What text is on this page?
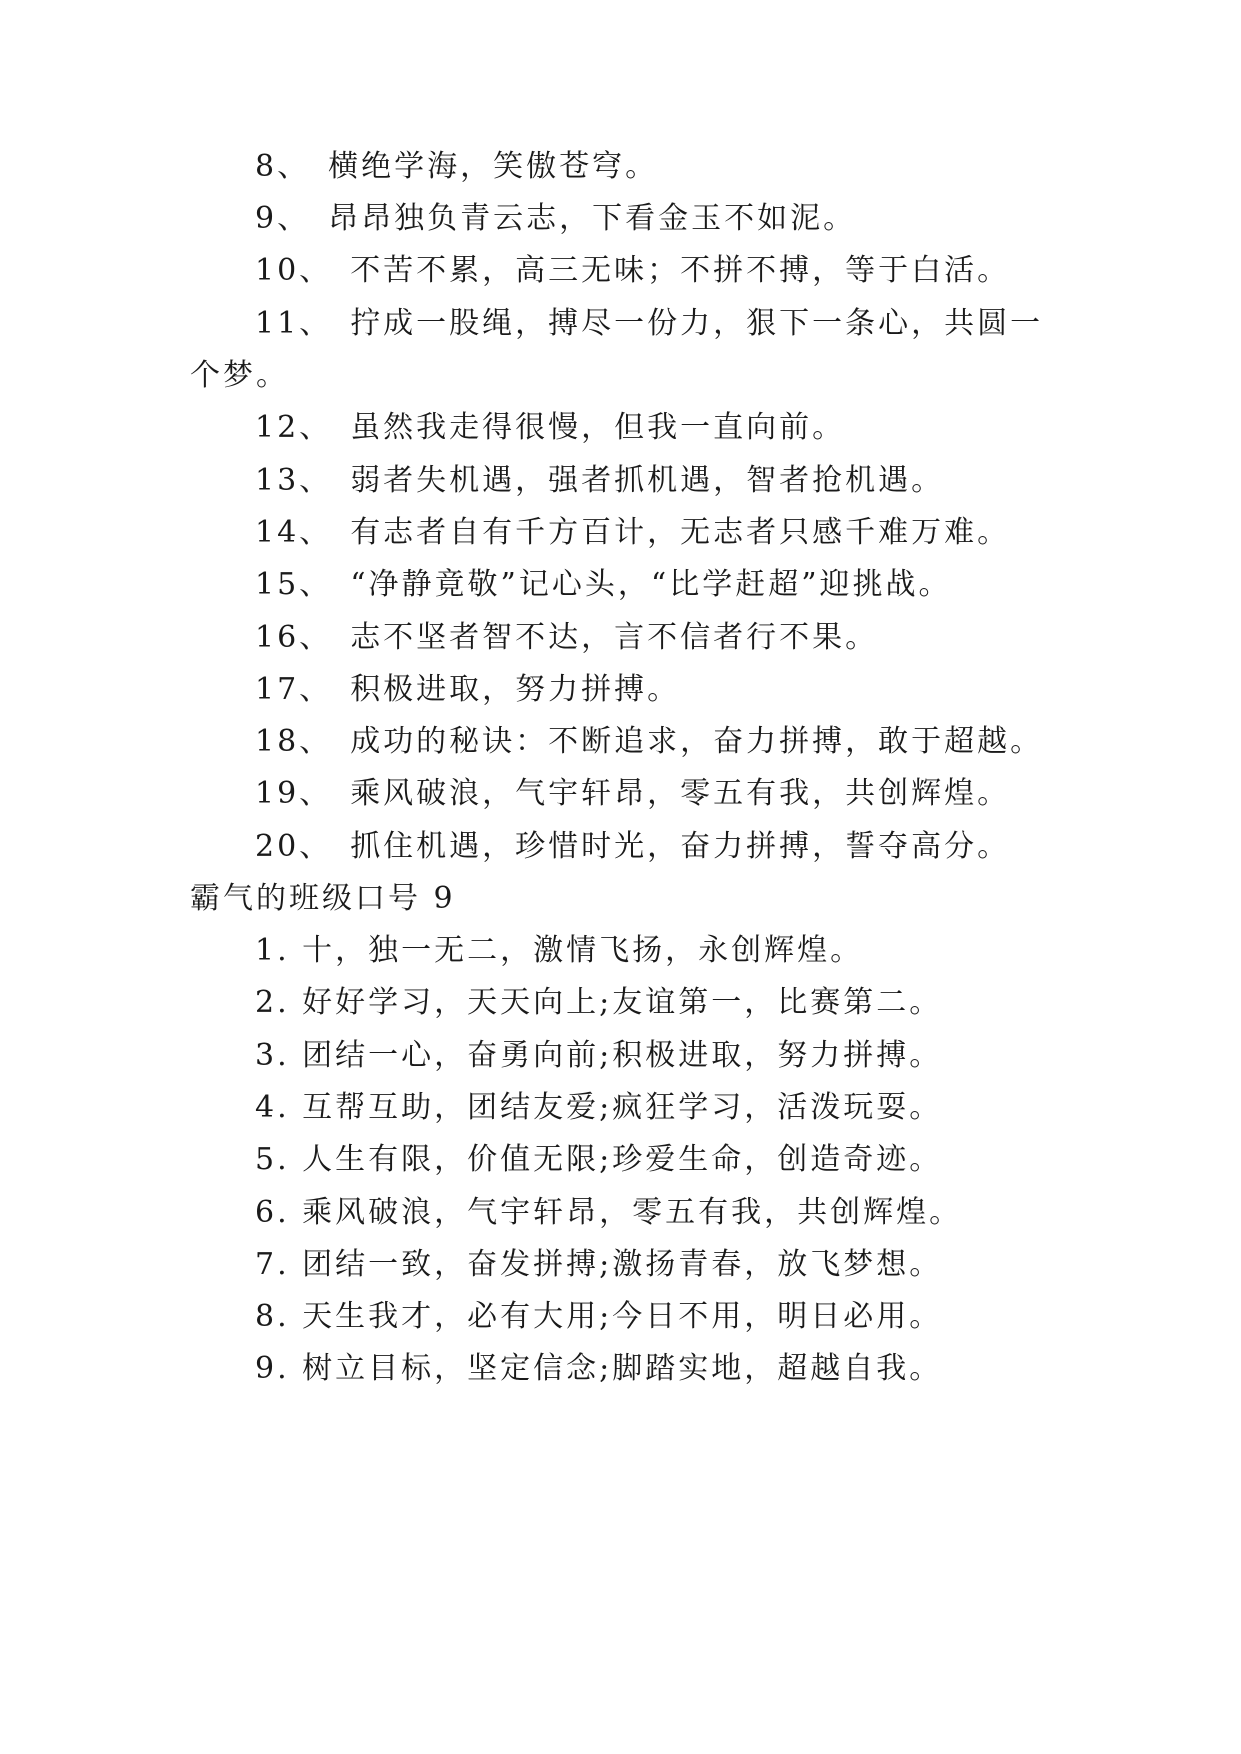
8、 横绝学海，笑傲苍穹。

9、 昂昂独负青云志，下看金玉不如泥。

10、 不苦不累，高三无味；不拼不搏，等于白活。

11、 拧成一股绳，搏尽一份力，狠下一条心，共圆一

个梦。

12、 虽然我走得很慢，但我一直向前。

13、 弱者失机遇，强者抓机遇，智者抢机遇。

14、 有志者自有千方百计，无志者只感千难万难。

15、 “净静竟敬”记心头，“比学赶超”迎挑战。

16、 志不坚者智不达，言不信者行不果。

17、 积极进取，努力拼搏。

18、 成功的秘诀：不断追求，奋力拼搏，敢于超越。

19、 乘风破浪，气宇轩昂，零五有我，共创辉煌。

20、 抓住机遇，珍惜时光，奋力拼搏，誓夺高分。

霸气的班级口号 9

1. 十，独一无二，激情飞扬，永创辉煌。

2. 好好学习，天天向上;友谊第一，比赛第二。

3. 团结一心，奋勇向前;积极进取，努力拼搏。

4. 互帮互助，团结友爱;疯狂学习，活泼玩耍。

5. 人生有限，价值无限;珍爱生命，创造奇迹。

6. 乘风破浪，气宇轩昂，零五有我，共创辉煌。

7. 团结一致，奋发拼搏;激扬青春，放飞梦想。

8. 天生我才，必有大用;今日不用，明日必用。

9. 树立目标，坚定信念;脚踏实地，超越自我。
